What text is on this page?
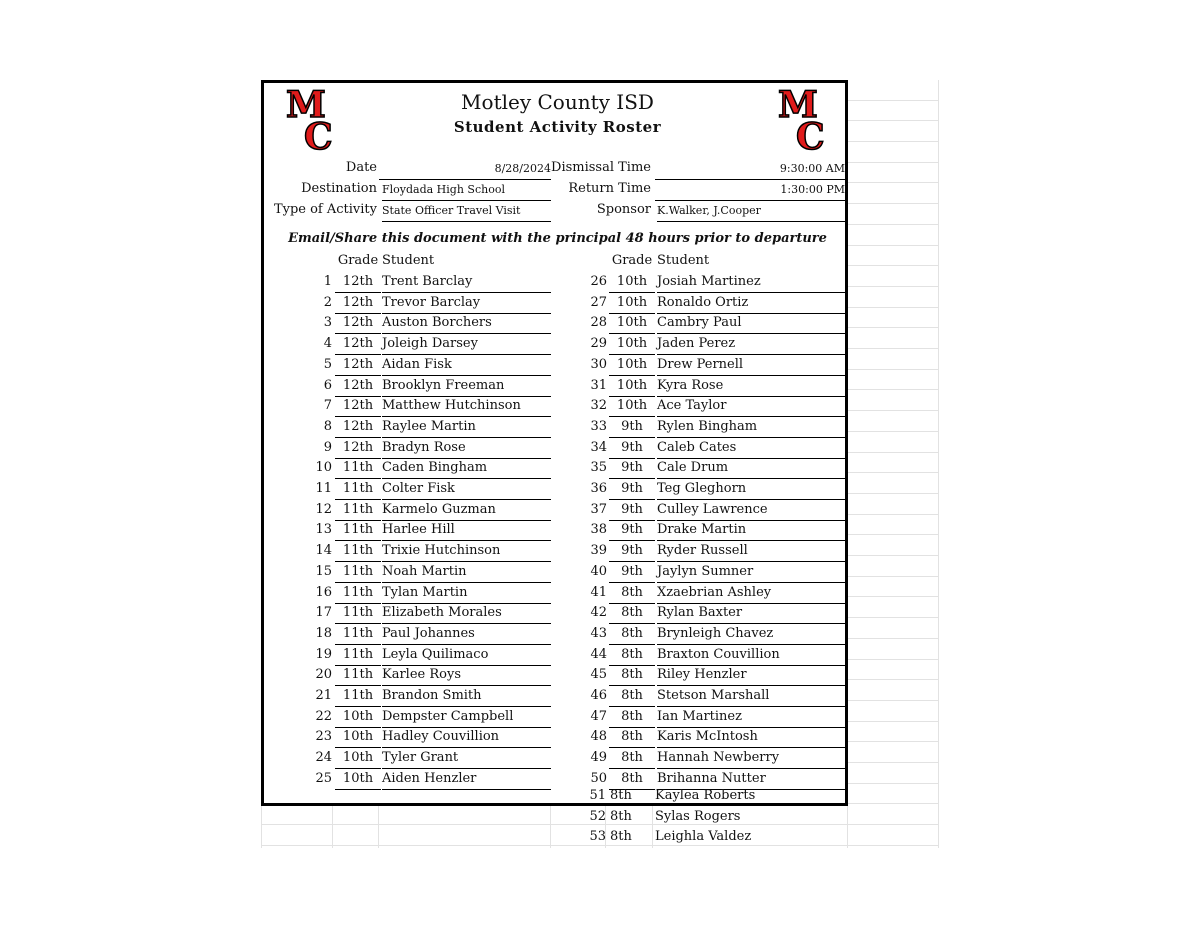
M
C
M
C
Motley County ISD
Student Activity Roster
Date	8/28/2024 Dismissal Time	9:30:00 AM
Destination Floydada High School	Return Time	1:30:00 PM
Type of Activity State Officer Travel Visit	Sponsor K.Walker, J.Cooper
Email/Share this document with the principal 48 hours prior to departure
Grade Student	Grade Student
1 12th Trent Barclay
2 12th Trevor Barclay
3 12th Auston Borchers
4 12th Joleigh Darsey
5 12th Aidan Fisk
6 12th Brooklyn Freeman
7 12th Matthew Hutchinson
8 12th Raylee Martin
9 12th Bradyn Rose
10 11th Caden Bingham
11 11th Colter Fisk
12 11th Karmelo Guzman
13 11th Harlee Hill
14 11th Trixie Hutchinson
15 11th Noah Martin
16 11th Tylan Martin
17 11th Elizabeth Morales
18 11th Paul Johannes
19 11th Leyla Quilimaco
20 11th Karlee Roys
21 11th Brandon Smith
22 10th Dempster Campbell
23 10th Hadley Couvillion
24 10th Tyler Grant
25 10th Aiden Henzler
26 10th Josiah Martinez
27 10th Ronaldo Ortiz
28 10th Cambry Paul
29 10th Jaden Perez
30 10th Drew Pernell
31 10th Kyra Rose
32 10th Ace Taylor
33	9th	Rylen Bingham
34	9th	Caleb Cates
35	9th	Cale Drum
36	9th	Teg Gleghorn
37	9th	Culley Lawrence
38	9th	Drake Martin
39	9th	Ryder Russell
40	9th	Jaylyn Sumner
41	8th	Xzaebrian Ashley
42	8th	Rylan Baxter
43	8th	Brynleigh Chavez
44	8th	Braxton Couvillion
45	8th	Riley Henzler
46	8th	Stetson Marshall
47	8th	Ian Martinez
48	8th	Karis McIntosh
49	8th	Hannah Newberry
50	8th	Brihanna Nutter
51 8th	Kaylea Roberts
52 8th	Sylas Rogers
53 8th	Leighla Valdez
